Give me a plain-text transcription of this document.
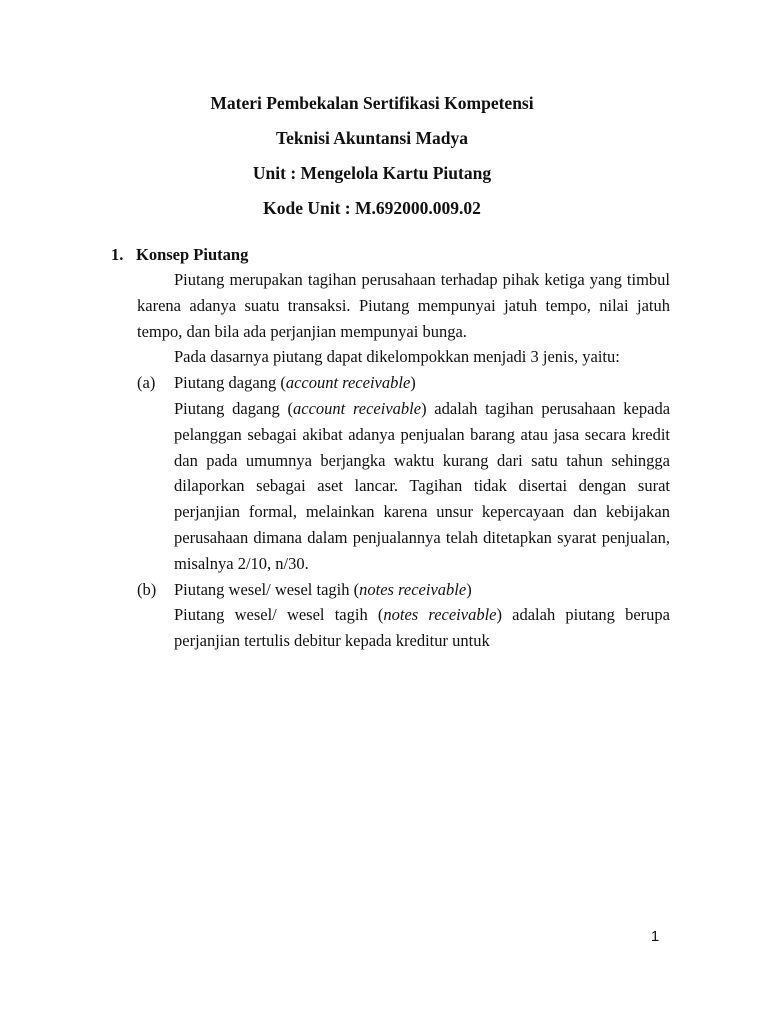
Materi Pembekalan Sertifikasi Kompetensi
Teknisi Akuntansi Madya
Unit : Mengelola Kartu Piutang
Kode Unit : M.692000.009.02
1. Konsep Piutang

Piutang merupakan tagihan perusahaan terhadap pihak ketiga yang timbul karena adanya suatu transaksi. Piutang mempunyai jatuh tempo, nilai jatuh tempo, dan bila ada perjanjian mempunyai bunga.

Pada dasarnya piutang dapat dikelompokkan menjadi 3 jenis, yaitu:

(a) Piutang dagang (account receivable)

Piutang dagang (account receivable) adalah tagihan perusahaan kepada pelanggan sebagai akibat adanya penjualan barang atau jasa secara kredit dan pada umumnya berjangka waktu kurang dari satu tahun sehingga dilaporkan sebagai aset lancar. Tagihan tidak disertai dengan surat perjanjian formal, melainkan karena unsur kepercayaan dan kebijakan perusahaan dimana dalam penjualannya telah ditetapkan syarat penjualan, misalnya 2/10, n/30.

(b) Piutang wesel/ wesel tagih (notes receivable)

Piutang wesel/ wesel tagih (notes receivable) adalah piutang berupa perjanjian tertulis debitur kepada kreditur untuk

1
